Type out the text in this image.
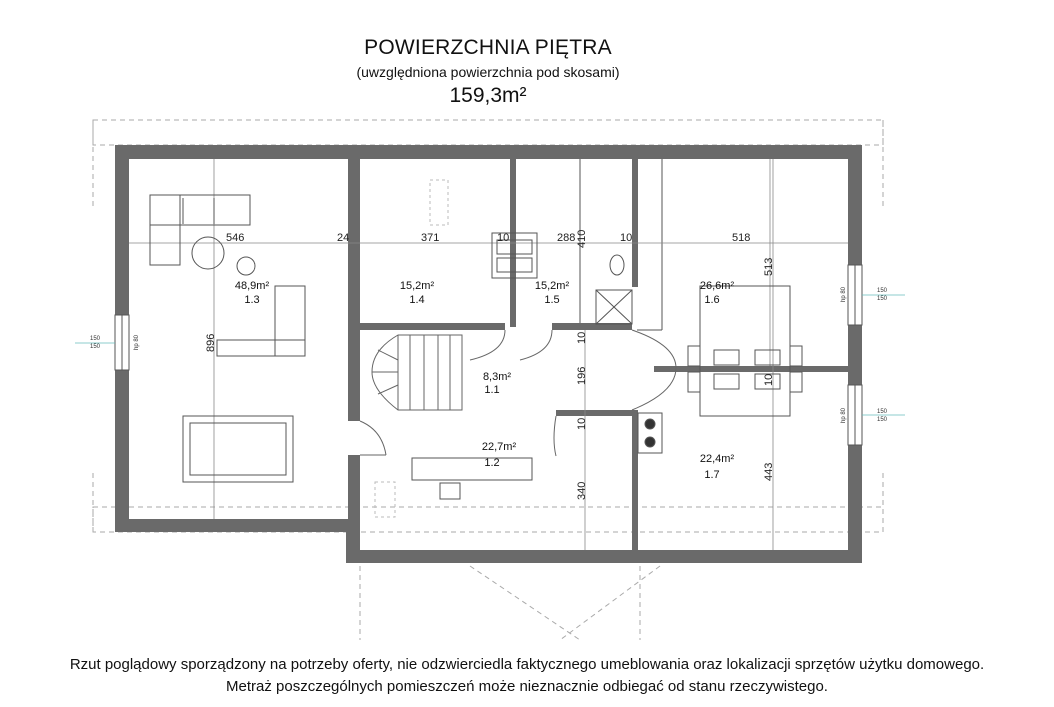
POWIERZCHNIA PIĘTRA
(uwzględniona powierzchnia pod skosami)
159,3m²
546	24	371	10	288	10	518
410
513
896	10
196	10
10
340
443
150
150	hp 80
150
150
hp 80
150
150
hp 80
48,9m²
1.3
15,2m²
1.4
15,2m²
1.5
26,6m²
1.6
8,3m²
1.1
22,7m²
1.2	22,4m²
1.7
Rzut poglądowy sporządzony na potrzeby oferty, nie odzwierciedla faktycznego umeblowania oraz lokalizacji sprzętów użytku domowego.
Metraż poszczególnych pomieszczeń może nieznacznie odbiegać od stanu rzeczywistego.
